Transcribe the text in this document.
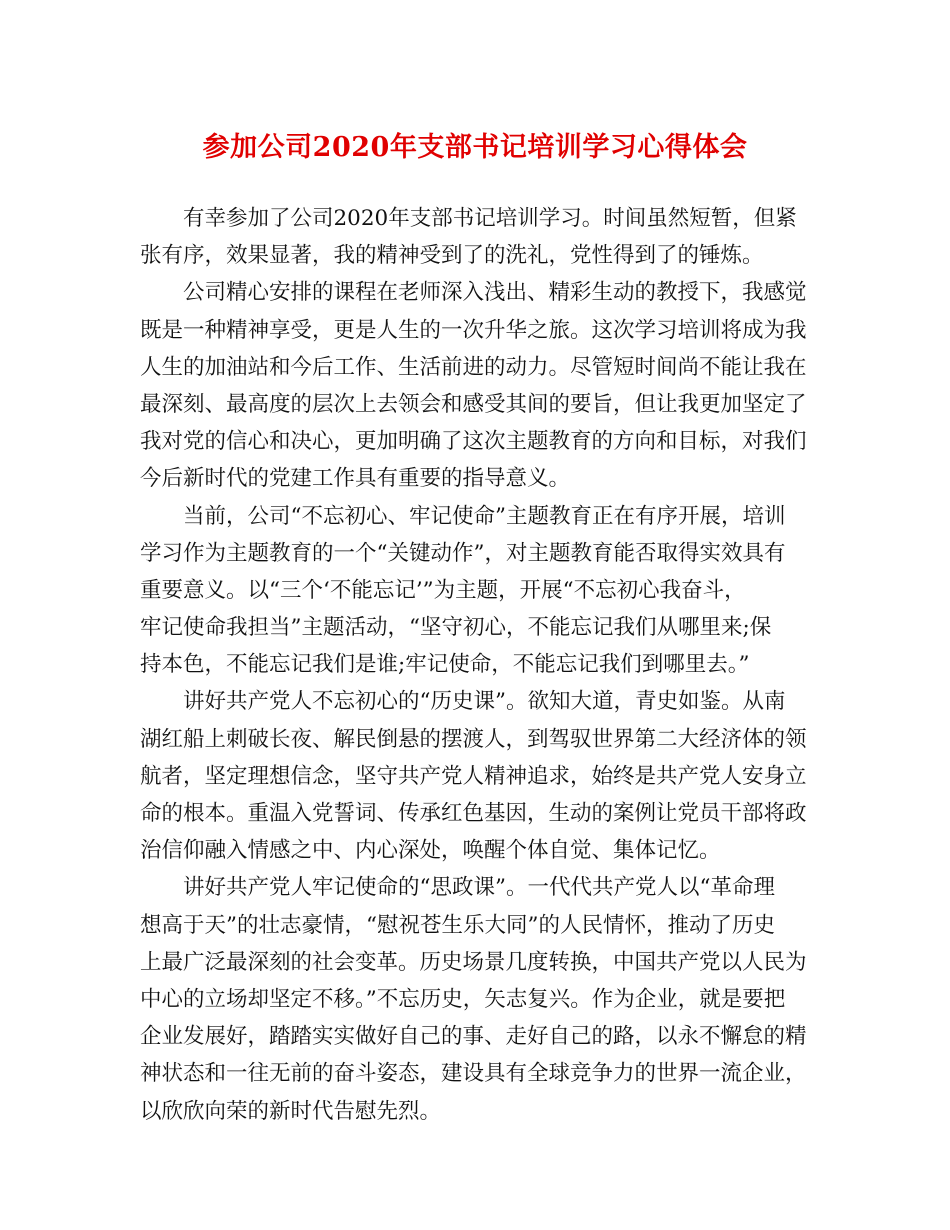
参加公司2020年支部书记培训学习心得体会
有幸参加了公司2020年支部书记培训学习。时间虽然短暂，但紧
张有序，效果显著，我的精神受到了的洗礼，党性得到了的锤炼。
公司精心安排的课程在老师深入浅出、精彩生动的教授下，我感觉
既是一种精神享受，更是人生的一次升华之旅。这次学习培训将成为我
人生的加油站和今后工作、生活前进的动力。尽管短时间尚不能让我在
最深刻、最高度的层次上去领会和感受其间的要旨，但让我更加坚定了
我对党的信心和决心，更加明确了这次主题教育的方向和目标，对我们
今后新时代的党建工作具有重要的指导意义。
当前，公司“不忘初心、牢记使命”主题教育正在有序开展，培训
学习作为主题教育的一个“关键动作”，对主题教育能否取得实效具有
重要意义。以“三个‘不能忘记’”为主题，开展“不忘初心我奋斗，
牢记使命我担当”主题活动，“坚守初心，不能忘记我们从哪里来;保
持本色，不能忘记我们是谁;牢记使命，不能忘记我们到哪里去。”
讲好共产党人不忘初心的“历史课”。欲知大道，青史如鉴。从南
湖红船上刺破长夜、解民倒悬的摆渡人，到驾驭世界第二大经济体的领
航者，坚定理想信念，坚守共产党人精神追求，始终是共产党人安身立
命的根本。重温入党誓词、传承红色基因，生动的案例让党员干部将政
治信仰融入情感之中、内心深处，唤醒个体自觉、集体记忆。
讲好共产党人牢记使命的“思政课”。一代代共产党人以“革命理
想高于天”的壮志豪情，“慰祝苍生乐大同”的人民情怀，推动了历史
上最广泛最深刻的社会变革。历史场景几度转换，中国共产党以人民为
中心的立场却坚定不移。”不忘历史，矢志复兴。作为企业，就是要把
企业发展好，踏踏实实做好自己的事、走好自己的路，以永不懈怠的精
神状态和一往无前的奋斗姿态，建设具有全球竞争力的世界一流企业，
以欣欣向荣的新时代告慰先烈。
